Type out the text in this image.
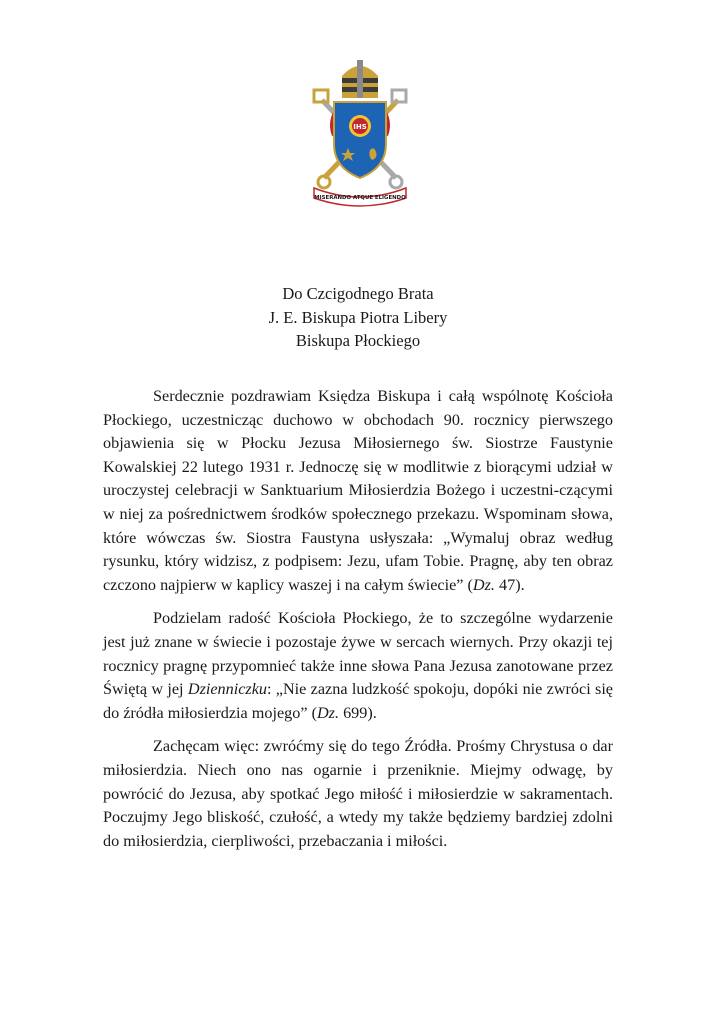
IHS
MISERANDO ATQUE ELIGENDO
Do Czcigodnego Brata
J. E. Biskupa Piotra Libery
Biskupa Płockiego

Serdecznie pozdrawiam Księdza Biskupa i całą wspólnotę Kościoła Płockiego, uczestnicząc duchowo w obchodach 90. rocznicy pierwszego objawienia się w Płocku Jezusa Miłosiernego św. Siostrze Faustynie Kowalskiej 22 lutego 1931 r. Jednoczę się w modlitwie z biorącymi udział w uroczystej celebracji w Sanktuarium Miłosierdzia Bożego i uczestni-czącymi w niej za pośrednictwem środków społecznego przekazu. Wspominam słowa, które wówczas św. Siostra Faustyna usłyszała: „Wymaluj obraz według rysunku, który widzisz, z podpisem: Jezu, ufam Tobie. Pragnę, aby ten obraz czczono najpierw w kaplicy waszej i na całym świecie” (Dz. 47).

Podzielam radość Kościoła Płockiego, że to szczególne wydarzenie jest już znane w świecie i pozostaje żywe w sercach wiernych. Przy okazji tej rocznicy pragnę przypomnieć także inne słowa Pana Jezusa zanotowane przez Świętą w jej Dzienniczku: „Nie zazna ludzkość spokoju, dopóki nie zwróci się do źródła miłosierdzia mojego” (Dz. 699).

Zachęcam więc: zwróćmy się do tego Źródła. Prośmy Chrystusa o dar miłosierdzia. Niech ono nas ogarnie i przeniknie. Miejmy odwagę, by powrócić do Jezusa, aby spotkać Jego miłość i miłosierdzie w sakramentach. Poczujmy Jego bliskość, czułość, a wtedy my także będziemy bardziej zdolni do miłosierdzia, cierpliwości, przebaczania i miłości.
